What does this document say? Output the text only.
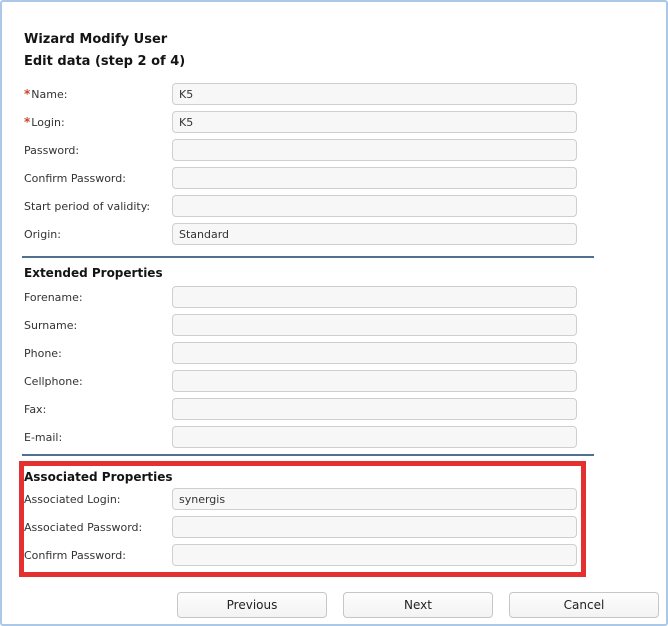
Wizard Modify User
Edit data (step 2 of 4)
*Name:
K5
*Login:
K5
Password:
Confirm Password:
Start period of validity:
Origin:
Standard
Extended Properties
Forename:
Surname:
Phone:
Cellphone:
Fax:
E-mail:
Associated Properties
Associated Login:
synergis
Associated Password:
Confirm Password:
Previous	Next	Cancel
